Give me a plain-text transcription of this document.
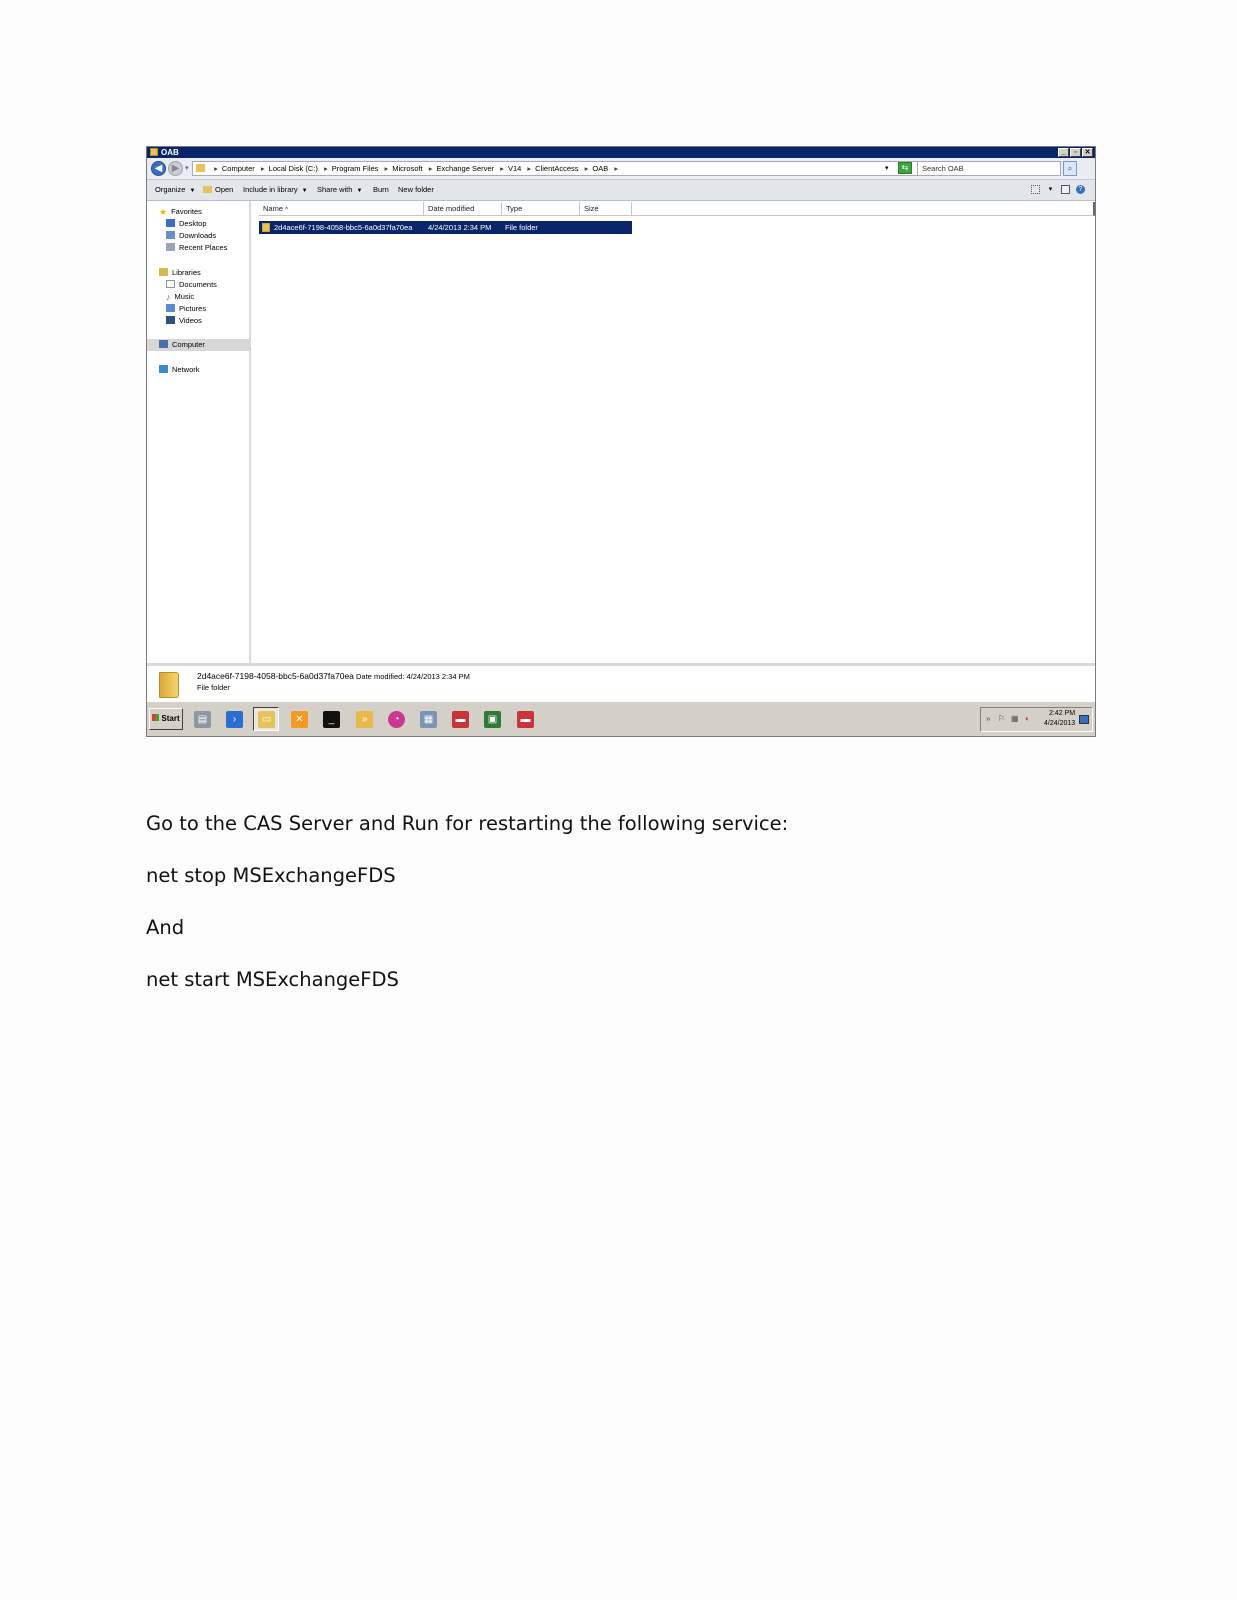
OAB	_	▫	✕
◀ ▶ ▾	▸ Computer ▸ Local Disk (C:) ▸ Program Files ▸ Microsoft ▸ Exchange Server ▸ V14 ▸ ClientAccess ▸ OAB ▸	▾	⇆	Search OAB	⌕
Organize ▼	Open Include in library ▼ Share with ▼ Burn New folder	▾	?
★ Favorites
Desktop
Downloads
Recent Places
Libraries
Documents
♪ Music
Pictures
Videos
Computer
Network
Name ^	Date modified	Type	Size
2d4ace6f-7198-4058-bbc5-6a0d37fa70ea 4/24/2013 2:34 PM File folder
2d4ace6f-7198-4058-bbc5-6a0d37fa70ea Date modified: 4/24/2013 2:34 PM
File folder
Start	▤	›	▭	✕	_	»	◔	▦	▬	▣	▬	» ⚐ ▦ ◐
2:42 PM
4/24/2013
Go to the CAS Server and Run for restarting the following service:
net stop MSExchangeFDS
And
net start MSExchangeFDS
